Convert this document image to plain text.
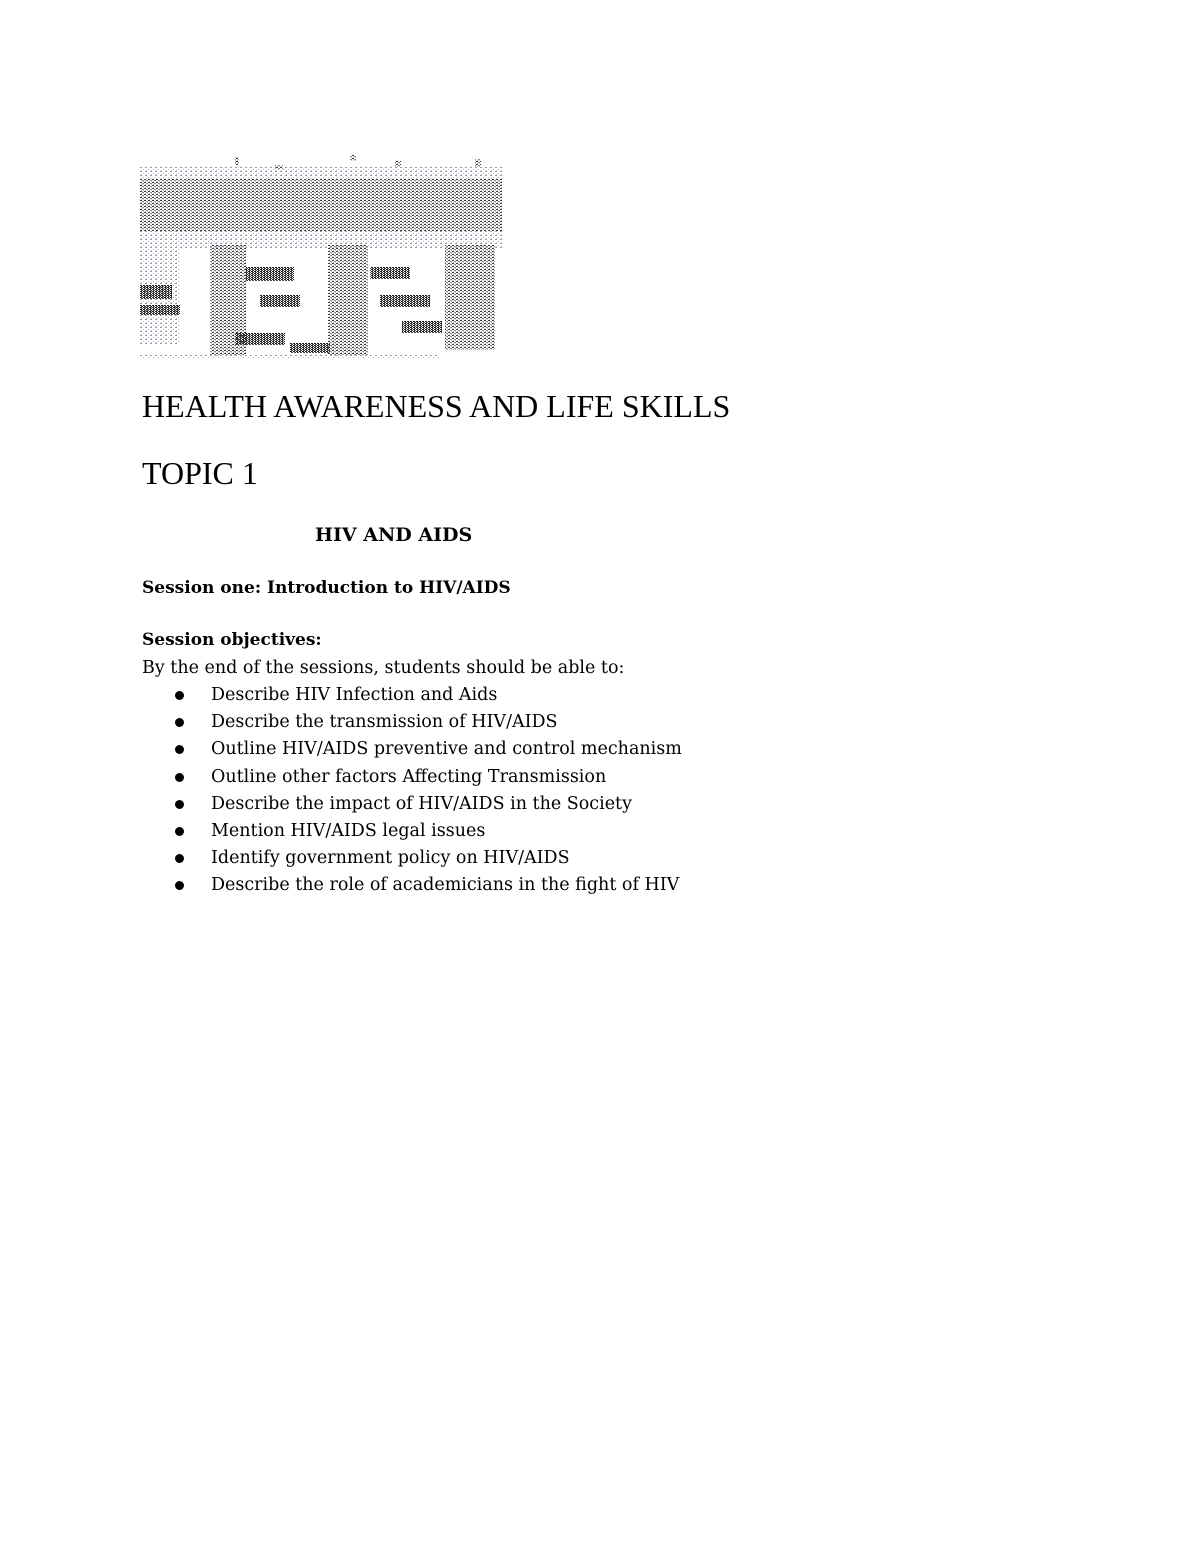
HEALTH AWARENESS AND LIFE SKILLS
TOPIC 1
HIV AND AIDS

Session one: Introduction to HIV/AIDS

Session objectives:

By the end of the sessions, students should be able to:

Describe HIV Infection and Aids
Describe the transmission of HIV/AIDS
Outline HIV/AIDS preventive and control mechanism
Outline other factors Affecting Transmission
Describe the impact of HIV/AIDS in the Society
Mention HIV/AIDS legal issues
Identify government policy on HIV/AIDS
Describe the role of academicians in the fight of HIV
